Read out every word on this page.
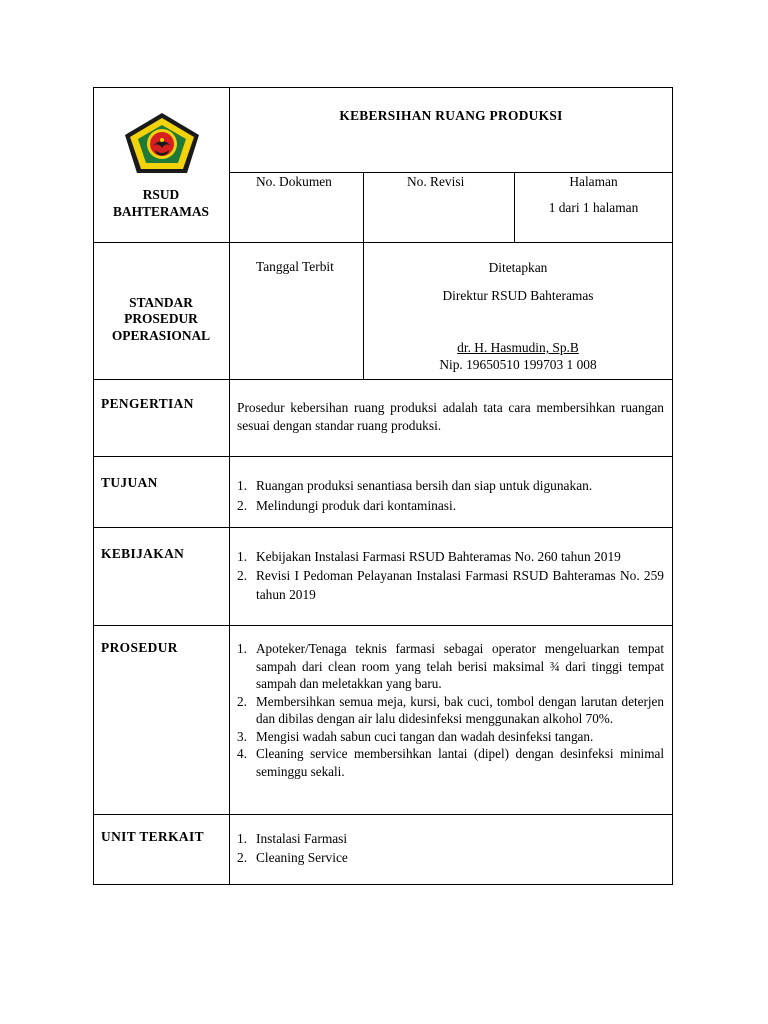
RSUD
BAHTERAMAS
KEBERSIHAN RUANG PRODUKSI
No. Dokumen	No. Revisi	Halaman
1 dari 1 halaman
STANDAR
PROSEDUR
OPERASIONAL
Tanggal Terbit	Ditetapkan
Direktur RSUD Bahteramas
dr. H. Hasmudin, Sp.B
Nip. 19650510 199703 1 008
PENGERTIAN	Prosedur kebersihan ruang produksi adalah tata cara membersihkan ruangan sesuai dengan standar ruang produksi.
TUJUAN	1. Ruangan produksi senantiasa bersih dan siap untuk digunakan.
2. Melindungi produk dari kontaminasi.
KEBIJAKAN	1. Kebijakan Instalasi Farmasi RSUD Bahteramas No. 260 tahun 2019
2. Revisi I Pedoman Pelayanan Instalasi Farmasi RSUD Bahteramas No. 259 tahun 2019
PROSEDUR	1. Apoteker/Tenaga teknis farmasi sebagai operator mengeluarkan tempat sampah dari clean room yang telah berisi maksimal ¾ dari tinggi tempat sampah dan meletakkan yang baru.
2. Membersihkan semua meja, kursi, bak cuci, tombol dengan larutan deterjen dan dibilas dengan air lalu didesinfeksi menggunakan alkohol 70%.
3. Mengisi wadah sabun cuci tangan dan wadah desinfeksi tangan.
4. Cleaning service membersihkan lantai (dipel) dengan desinfeksi minimal seminggu sekali.
UNIT TERKAIT 1. Instalasi Farmasi
2. Cleaning Service
